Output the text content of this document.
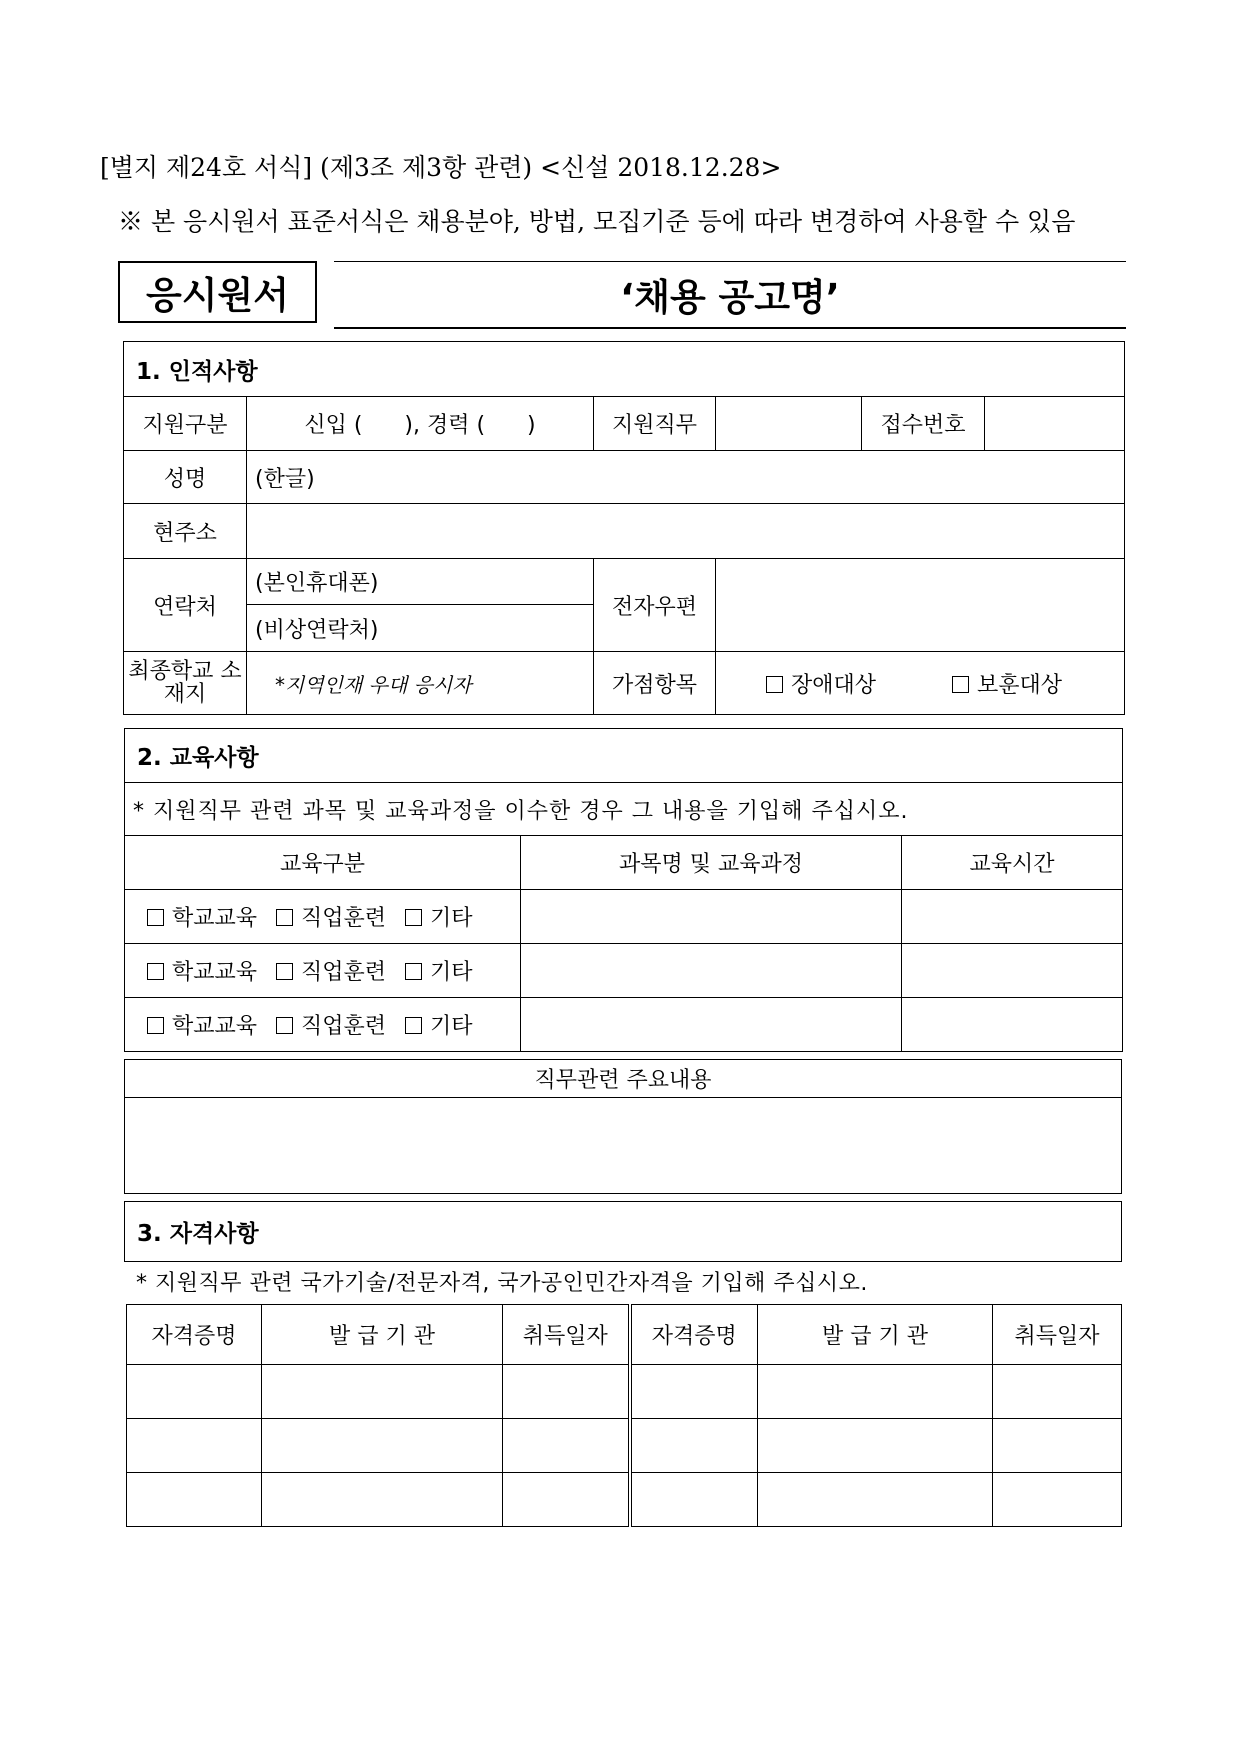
[별지 제24호 서식] (제3조 제3항 관련) <신설 2018.12.28>
※ 본 응시원서 표준서식은 채용분야, 방법, 모집기준 등에 따라 변경하여 사용할 수 있음
응시원서	‘채용 공고명’
1. 인적사항					
지원구분	신입 (      ), 경력 (      )	지원직무		접수번호	
성명	(한글)				
현주소					
연락처	(본인휴대폰)	전자우편			
	(비상연락처)				
최종학교 소재지	*지역인재 우대 응시자	가점항목	장애대상 보훈대상		
2. 교육사항		
* 지원직무 관련 과목 및 교육과정을 이수한 경우 그 내용을 기입해 주십시오.		
교육구분	과목명 및 교육과정	교육시간
학교교육 직업훈련 기타		
학교교육 직업훈련 기타		
학교교육 직업훈련 기타		
직무관련 주요내용

3. 자격사항
* 지원직무 관련 국가기술/전문자격, 국가공인민간자격을 기입해 주십시오.
자격증명	발 급 기 관	취득일자	자격증명	발 급 기 관	취득일자
